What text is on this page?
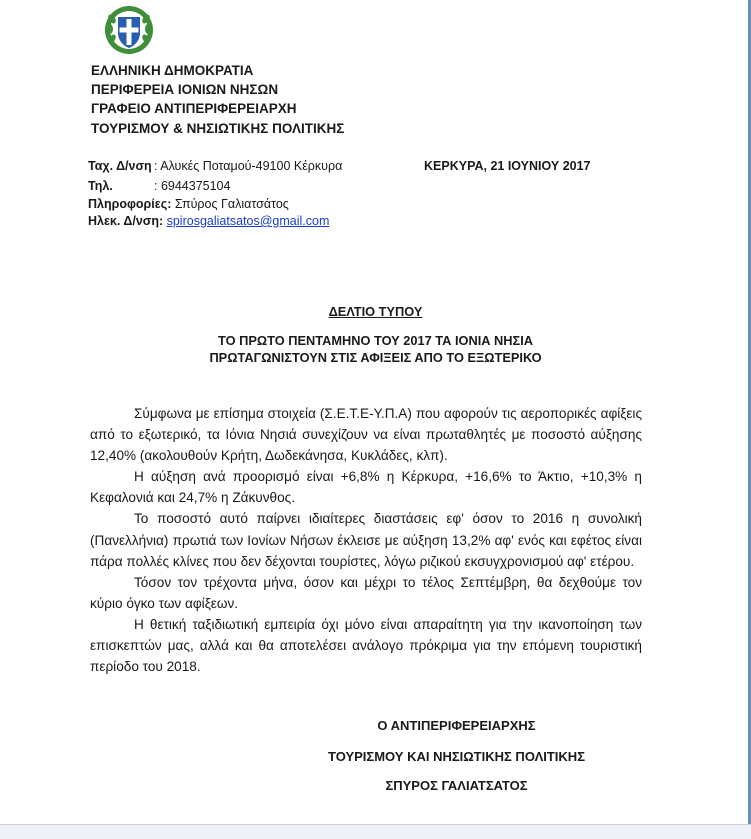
ΕΛΛΗΝΙΚΗ ΔΗΜΟΚΡΑΤΙΑ
ΠΕΡΙΦΕΡΕΙΑ ΙΟΝΙΩΝ ΝΗΣΩΝ
ΓΡΑΦΕΙΟ ΑΝΤΙΠΕΡΙΦΕΡΕΙΑΡΧΗ
ΤΟΥΡΙΣΜΟΥ & ΝΗΣΙΩΤΙΚΗΣ ΠΟΛΙΤΙΚΗΣ
Ταχ. Δ/νση : Αλυκές Ποταμού-49100 Κέρκυρα	ΚΕΡΚΥΡΑ, 21 ΙΟΥΝΙΟΥ 2017
Τηλ.	: 6944375104
Πληροφορίες: Σπύρος Γαλιατσάτος
Ηλεκ. Δ/νση: spirosgaliatsatos@gmail.com
ΔΕΛΤΙΟ ΤΥΠΟΥ
ΤΟ ΠΡΩΤΟ ΠΕΝΤΑΜΗΝΟ ΤΟΥ 2017 ΤΑ ΙΟΝΙΑ ΝΗΣΙΑ
ΠΡΩΤΑΓΩΝΙΣΤΟΥΝ ΣΤΙΣ ΑΦΙΞΕΙΣ ΑΠΟ ΤΟ ΕΞΩΤΕΡΙΚΟ

Σύμφωνα με επίσημα στοιχεία (Σ.Ε.Τ.Ε-Υ.Π.Α) που αφορούν τις αεροπορικές αφίξεις από το εξωτερικό, τα Ιόνια Νησιά συνεχίζουν να είναι πρωταθλητές με ποσοστό αύξησης 12,40% (ακολουθούν Κρήτη, Δωδεκάνησα, Κυκλάδες, κλπ).

Η αύξηση ανά προορισμό είναι +6,8% η Κέρκυρα, +16,6% το Άκτιο, +10,3% η Κεφαλονιά και 24,7% η Ζάκυνθος.

Το ποσοστό αυτό παίρνει ιδιαίτερες διαστάσεις εφ' όσον το 2016 η συνολική (Πανελλήνια) πρωτιά των Ιονίων Νήσων έκλεισε με αύξηση 13,2% αφ' ενός και εφέτος είναι πάρα πολλές κλίνες που δεν δέχονται τουρίστες, λόγω ριζικού εκσυγχρονισμού αφ' ετέρου.

Τόσον τον τρέχοντα μήνα, όσον και μέχρι το τέλος Σεπτέμβρη, θα δεχθούμε τον κύριο όγκο των αφίξεων.

Η θετική ταξιδιωτική εμπειρία όχι μόνο είναι απαραίτητη για την ικανοποίηση των επισκεπτών μας, αλλά και θα αποτελέσει ανάλογο πρόκριμα για την επόμενη τουριστική περίοδο του 2018.

Ο ΑΝΤΙΠΕΡΙΦΕΡΕΙΑΡΧΗΣ
ΤΟΥΡΙΣΜΟΥ ΚΑΙ ΝΗΣΙΩΤΙΚΗΣ ΠΟΛΙΤΙΚΗΣ
ΣΠΥΡΟΣ ΓΑΛΙΑΤΣΑΤΟΣ
